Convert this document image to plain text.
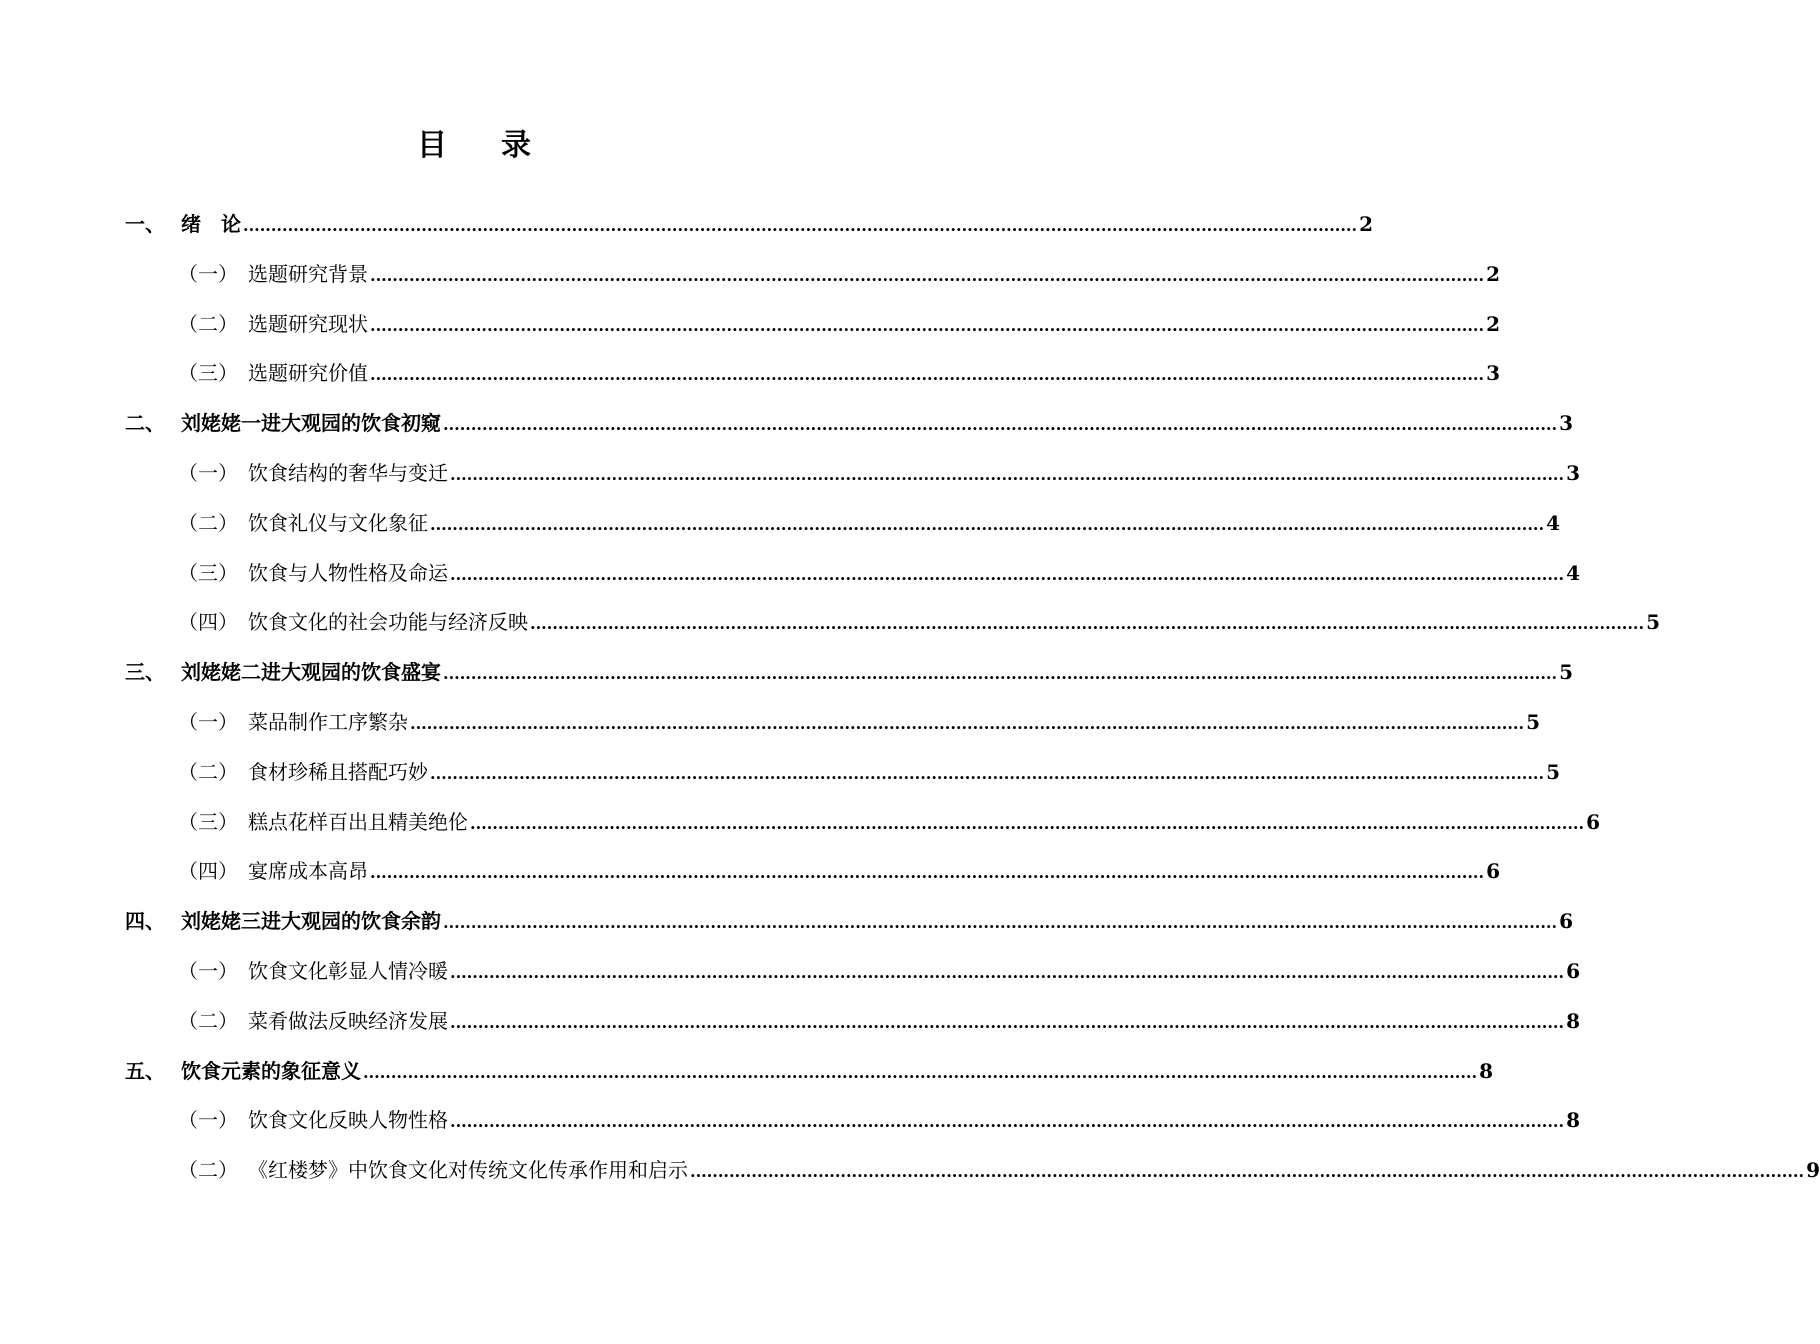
目 录
一、 绪　论 ........................................................................................................................................................................................................ 2
（一） 选题研究背景 ........................................................................................................................................................................................................ 2
（二） 选题研究现状 ........................................................................................................................................................................................................ 2
（三） 选题研究价值 ........................................................................................................................................................................................................ 3
二、 刘姥姥一进大观园的饮食初窥 ........................................................................................................................................................................................................ 3
（一） 饮食结构的奢华与变迁 ........................................................................................................................................................................................................ 3
（二） 饮食礼仪与文化象征 ........................................................................................................................................................................................................ 4
（三） 饮食与人物性格及命运 ........................................................................................................................................................................................................ 4
（四） 饮食文化的社会功能与经济反映 ........................................................................................................................................................................................................ 5
三、 刘姥姥二进大观园的饮食盛宴 ........................................................................................................................................................................................................ 5
（一） 菜品制作工序繁杂 ........................................................................................................................................................................................................ 5
（二） 食材珍稀且搭配巧妙 ........................................................................................................................................................................................................ 5
（三） 糕点花样百出且精美绝伦 ........................................................................................................................................................................................................ 6
（四） 宴席成本高昂 ........................................................................................................................................................................................................ 6
四、 刘姥姥三进大观园的饮食余韵 ........................................................................................................................................................................................................ 6
（一） 饮食文化彰显人情冷暖 ........................................................................................................................................................................................................ 6
（二） 菜肴做法反映经济发展 ........................................................................................................................................................................................................ 8
五、 饮食元素的象征意义 ........................................................................................................................................................................................................ 8
（一） 饮食文化反映人物性格 ........................................................................................................................................................................................................ 8
（二） 《红楼梦》中饮食文化对传统文化传承作用和启示 ........................................................................................................................................................................................................ 9
